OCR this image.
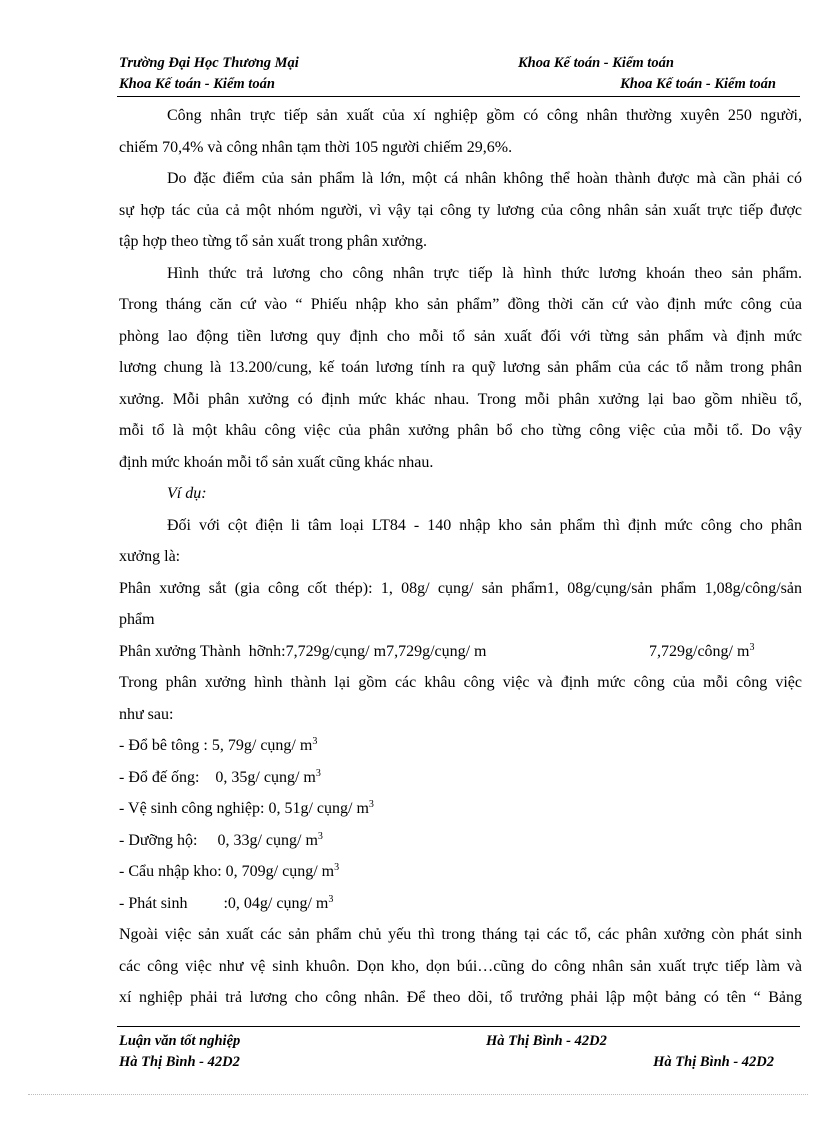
Trường Đại Học Thương Mại	Khoa Kế toán - Kiểm toán
Khoa Kế toán - Kiểm toán	Khoa Kế toán - Kiểm toán

Công nhân trực tiếp sản xuất của xí nghiệp gồm có công nhân thường xuyên 250 người,

chiếm 70,4% và công nhân tạm thời 105 người chiếm 29,6%.

Do đặc điểm của sản phẩm là lớn, một cá nhân không thể hoàn thành được mà cần phải có

sự hợp tác của cả một nhóm người, vì vậy tại công ty lương của công nhân sản xuất trực tiếp được

tập hợp theo từng tổ sản xuất trong phân xưởng.

Hình thức trả lương cho công nhân trực tiếp là hình thức lương khoán theo sản phẩm.

Trong tháng căn cứ vào “ Phiếu nhập kho sản phẩm” đồng thời căn cứ vào định mức công của

phòng lao động tiền lương quy định cho mỗi tổ sản xuất đối với từng sản phẩm và định mức

lương chung là 13.200/cung, kế toán lương tính ra quỹ lương sản phẩm của các tổ nằm trong phân

xưởng. Mỗi phân xưởng có định mức khác nhau. Trong mỗi phân xưởng lại bao gồm nhiều tổ,

mỗi tổ là một khâu công việc của phân xưởng phân bổ cho từng công việc của mỗi tổ. Do vậy

định mức khoán mỗi tổ sản xuất cũng khác nhau.

Ví dụ:

Đối với cột điện li tâm loại LT84 - 140 nhập kho sản phẩm thì định mức công cho phân

xưởng là:

Phân xưởng sắt (gia công cốt thép): 1, 08g/ cụng/ sản phẩm1, 08g/cụng/sản phẩm 1,08g/công/sản

phẩm

Phân xưởng Thành  hỡnh:7,729g/cụng/ m7,729g/cụng/ m	7,729g/công/ $m^3$

Trong phân xưởng hình thành lại gồm các khâu công việc và định mức công của mỗi công việc

như sau:

- Đổ bê tông : 5, 79g/ cụng/ $m^3$

- Đổ đế ống:    0, 35g/ cụng/ $m^3$

- Vệ sinh công nghiệp: 0, 51g/ cụng/ $m^3$

- Dưỡng hộ:     0, 33g/ cụng/ $m^3$

- Cẩu nhập kho: 0, 709g/ cụng/ $m^3$

- Phát sinh         :0, 04g/ cụng/ $m^3$

Ngoài việc sản xuất các sản phẩm chủ yếu thì trong tháng tại các tổ, các phân xưởng còn phát sinh

các công việc như vệ sinh khuôn. Dọn kho, dọn búi…cũng do công nhân sản xuất trực tiếp làm và

xí nghiệp phải trả lương cho công nhân. Để theo dõi, tổ trưởng phải lập một bảng có tên “ Bảng

Luận văn tốt nghiệp	Hà Thị Bình - 42D2
Hà Thị Bình - 42D2	Hà Thị Bình - 42D2
